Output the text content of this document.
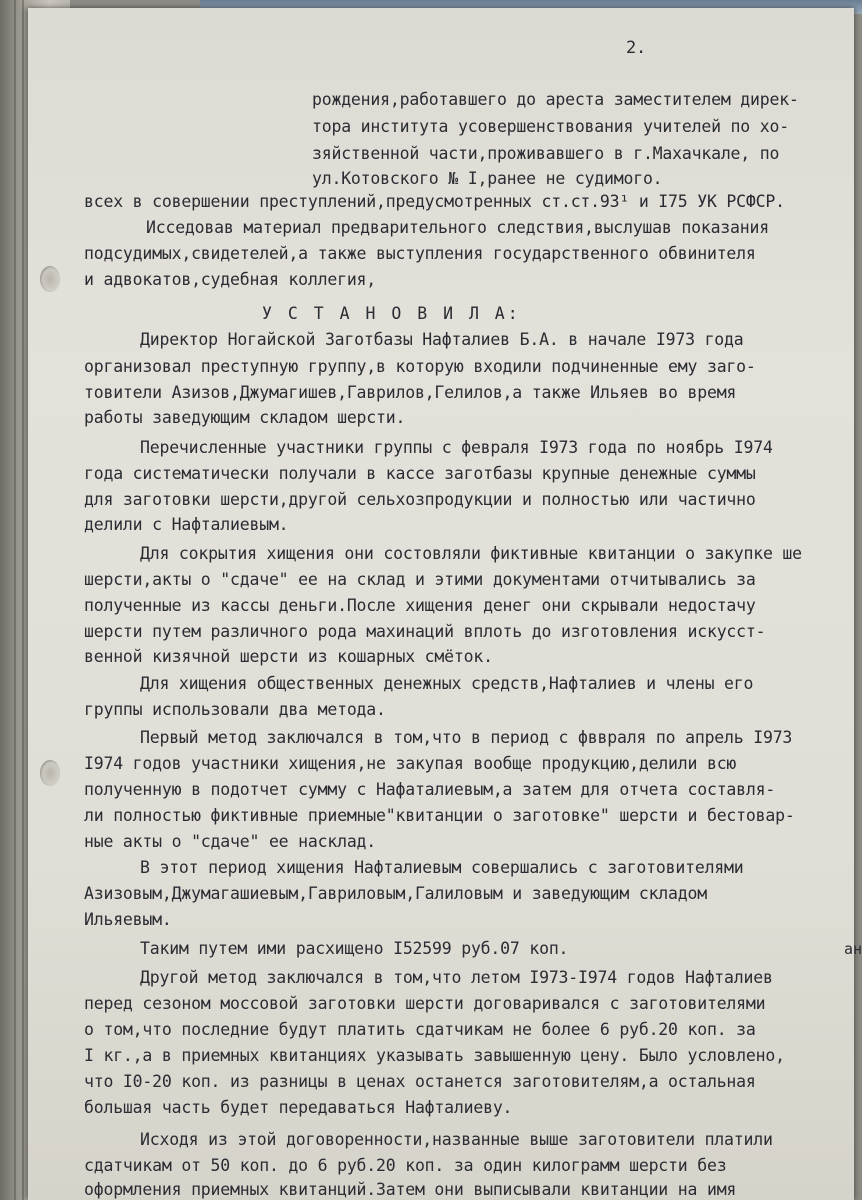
2.
рождения,работавшего до ареста заместителем дирек-
тора института усовершенствования учителей по хо-
зяйственной части,проживавшего в г.Махачкале, по
ул.Котовского № I,ранее не судимого.
всех в совершении преступлений,предусмотренных ст.ст.93¹ и I75 УК РСФСР.
Исседовав материал предварительного следствия,выслушав показания
подсудимых,свидетелей,а также выступления государственного обвинителя
и адвокатов,судебная коллегия,
У С Т А Н О В И Л А:
Директор Ногайской Заготбазы Нафталиев Б.А. в начале I973 года
организовал преступную группу,в которую входили подчиненные ему заго-
товители Азизов,Джумагишев,Гаврилов,Гелилов,а также Ильяев во время
работы заведующим складом шерсти.
Перечисленные участники группы с февраля I973 года по ноябрь I974
года систематически получали в кассе заготбазы крупные денежные суммы
для заготовки шерсти,другой сельхозпродукции и полностью или частично
делили с Нафталиевым.
Для сокрытия хищения они состовляли фиктивные квитанции о закупке ше
шерсти,акты о "сдаче" ее на склад и этими документами отчитывались за
полученные из кассы деньги.После хищения денег они скрывали недостачу
шерсти путем различного рода махинаций вплоть до изготовления искусст-
венной кизячной шерсти из кошарных смёток.
Для хищения общественных денежных средств,Нафталиев и члены его
группы использовали два метода.
Первый метод заключался в том,что в период с фввраля по апрель I973
I974 годов участники хищения,не закупая вообще продукцию,делили всю
полученную в подотчет сумму с Нафаталиевым,а затем для отчета составля-
ли полностью фиктивные приемные"квитанции о заготовке" шерсти и бестовар-
ные акты о "сдаче" ее насклад.
В этот период хищения Нафталиевым совершались с заготовителями
Азизовым,Джумагашиевым,Гавриловым,Галиловым и заведующим складом
Ильяевым.
Таким путем ими расхищено I52599 руб.07 коп.
Другой метод заключался в том,что летом I973-I974 годов Нафталиев
перед сезоном моссовой заготовки шерсти договаривался с заготовителями
о том,что последние будут платить сдатчикам не более 6 руб.20 коп. за
I кг.,а в приемных квитанциях указывать завышенную цену. Было условлено,
что I0-20 коп. из разницы в ценах останется заготовителям,а остальная
большая часть будет передаваться Нафталиеву.
Исходя из этой договоренности,названные выше заготовители платили
сдатчикам от 50 коп. до 6 руб.20 коп. за один килограмм шерсти без
оформления приемных квитанций.Затем они выписывали квитанции на имя
ан
